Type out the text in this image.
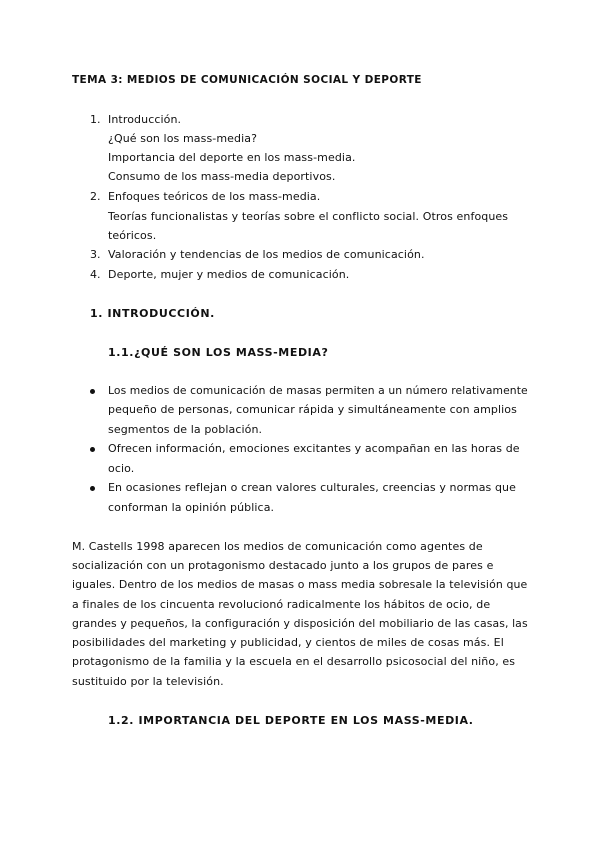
TEMA 3: MEDIOS DE COMUNICACIÓN SOCIAL Y DEPORTE
1. Introducción.
¿Qué son los mass-media?
Importancia del deporte en los mass-media.
Consumo de los mass-media deportivos.
2. Enfoques teóricos de los mass-media.
Teorías funcionalistas y teorías sobre el conflicto social. Otros enfoques
teóricos.
3. Valoración y tendencias de los medios de comunicación.
4. Deporte, mujer y medios de comunicación.
1. INTRODUCCIÓN.
1.1.¿QUÉ SON LOS MASS-MEDIA?
Los medios de comunicación de masas permiten a un número relativamente
pequeño de personas, comunicar rápida y simultáneamente con amplios
segmentos de la población.
Ofrecen información, emociones excitantes y acompañan en las horas de
ocio.
En ocasiones reflejan o crean valores culturales, creencias y normas que
conforman la opinión pública.
M. Castells 1998 aparecen los medios de comunicación como agentes de
socialización con un protagonismo destacado junto a los grupos de pares e
iguales. Dentro de los medios de masas o mass media sobresale la televisión que
a finales de los cincuenta revolucionó radicalmente los hábitos de ocio, de
grandes y pequeños, la configuración y disposición del mobiliario de las casas, las
posibilidades del marketing y publicidad, y cientos de miles de cosas más. El
protagonismo de la familia y la escuela en el desarrollo psicosocial del niño, es
sustituido por la televisión.
1.2. IMPORTANCIA DEL DEPORTE EN LOS MASS-MEDIA.
